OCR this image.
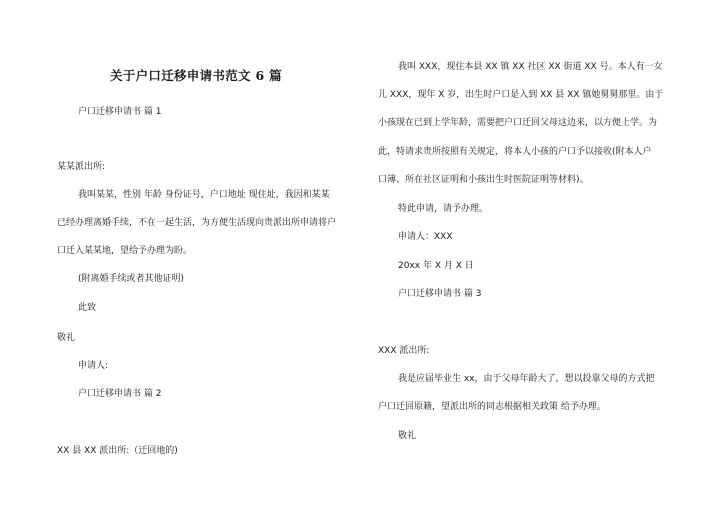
关于户口迁移申请书范文 6 篇
户口迁移申请书 篇 1
某某派出所:
我叫某某，性别 年龄 身份证号，户口地址 现住址，我因和某某
已经办理离婚手续，不在一起生活，为方便生活现向贵派出所申请将户
口迁入某某地，望给予办理为盼。
(附离婚手续或者其他证明)
此致
敬礼
申请人:
户口迁移申请书 篇 2
XX 县 XX 派出所:（迁回地的)
我叫 XXX，现住本县 XX 镇 XX 社区 XX 街道 XX 号。本人有一女
儿 XXX，现年 X 岁，出生时户口是入到 XX 县 XX 镇她舅舅那里。由于
小孩现在已到上学年龄，需要把户口迁回父母这边来，以方便上学。为
此，特请求贵所按照有关规定，将本人小孩的户口予以接收(附本人户
口簿、所在社区证明和小孩出生时医院证明等材料)。
特此申请，请予办理。
申请人：XXX
20xx 年 X 月 X 日
户口迁移申请书 篇 3
XXX 派出所:
我是应届毕业生 xx，由于父母年龄大了，想以投靠父母的方式把
户口迁回原籍，望派出所的同志根据相关政策 给予办理。
敬礼
